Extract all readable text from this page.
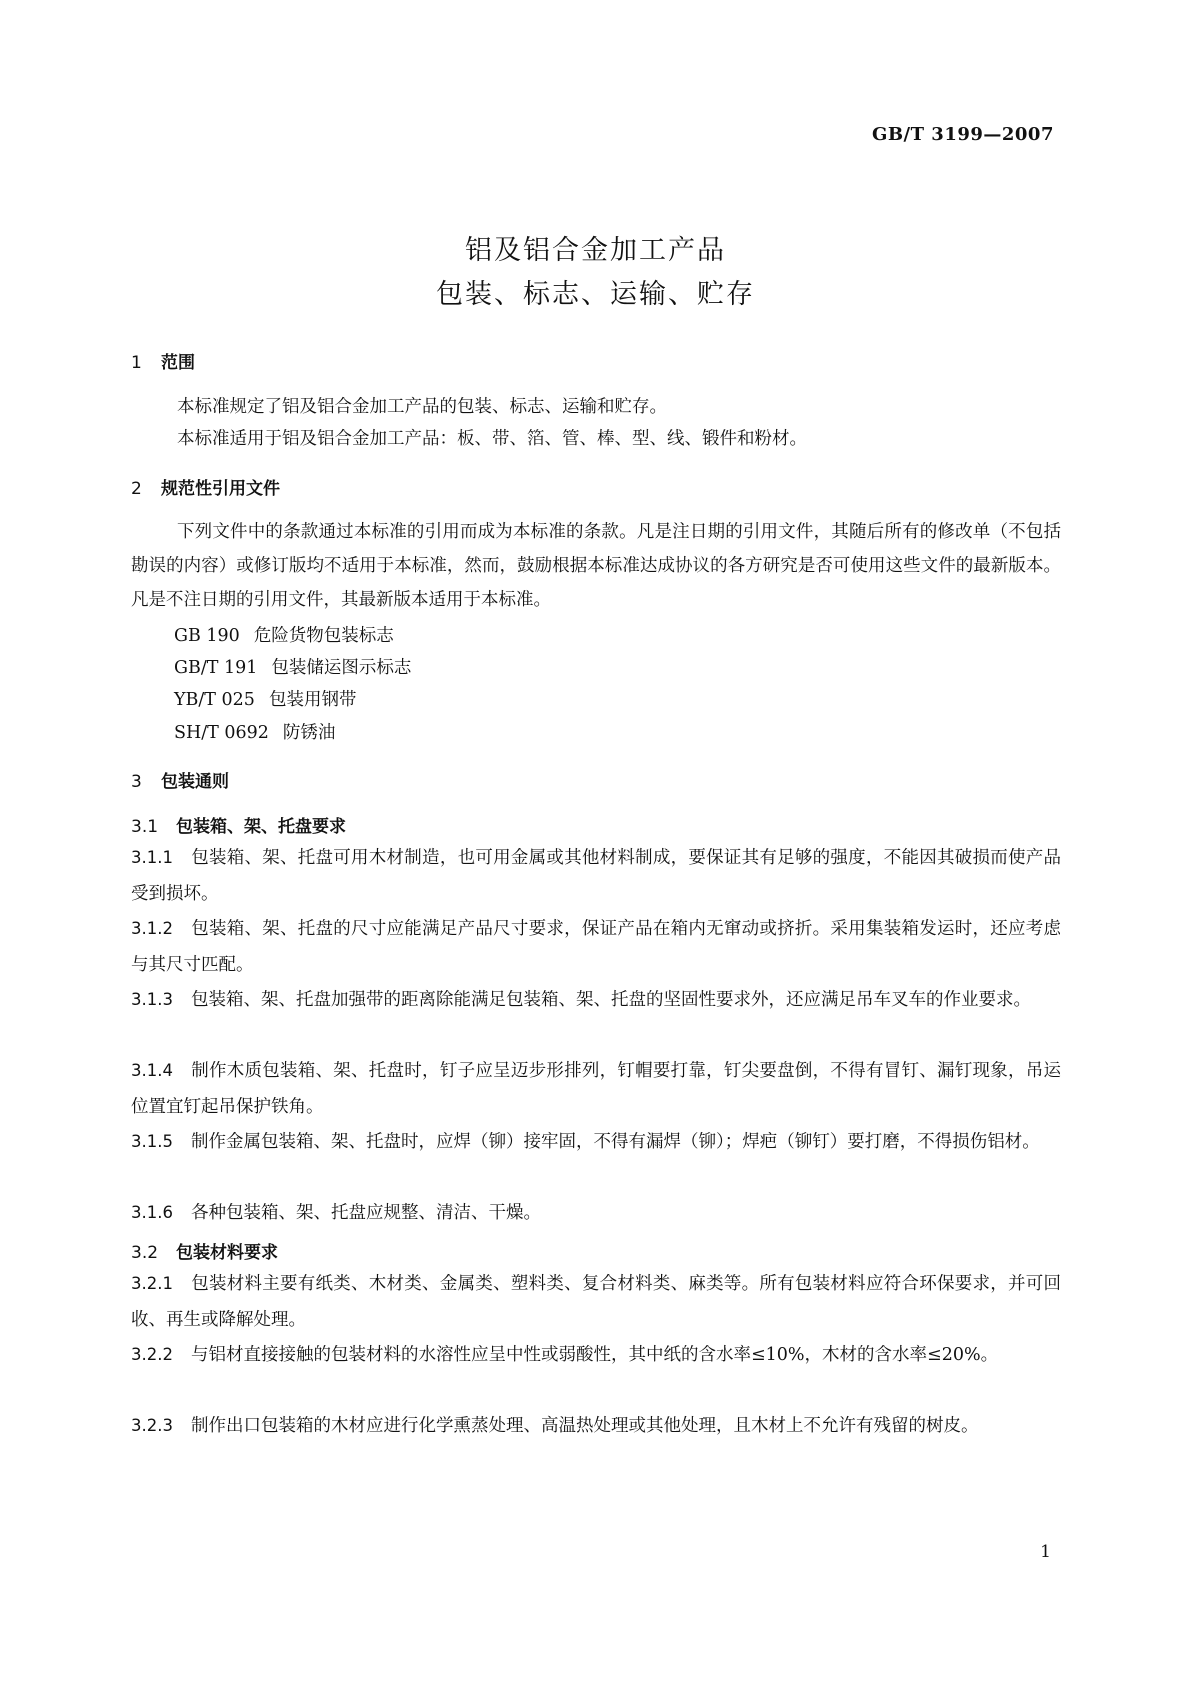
GB/T 3199—2007
铝及铝合金加工产品
包装、标志、运输、贮存
1 范围
本标准规定了铝及铝合金加工产品的包装、标志、运输和贮存。
本标准适用于铝及铝合金加工产品：板、带、箔、管、棒、型、线、锻件和粉材。
2 规范性引用文件
下列文件中的条款通过本标准的引用而成为本标准的条款。凡是注日期的引用文件，其随后所有的修改单（不包括勘误的内容）或修订版均不适用于本标准，然而，鼓励根据本标准达成协议的各方研究是否可使用这些文件的最新版本。凡是不注日期的引用文件，其最新版本适用于本标准。
GB 190 危险货物包装标志
GB/T 191 包装储运图示标志
YB/T 025 包装用钢带
SH/T 0692 防锈油
3 包装通则
3.1 包装箱、架、托盘要求
3.1.1 包装箱、架、托盘可用木材制造，也可用金属或其他材料制成，要保证其有足够的强度，不能因其破损而使产品受到损坏。
3.1.2 包装箱、架、托盘的尺寸应能满足产品尺寸要求，保证产品在箱内无窜动或挤折。采用集装箱发运时，还应考虑与其尺寸匹配。
3.1.3 包装箱、架、托盘加强带的距离除能满足包装箱、架、托盘的坚固性要求外，还应满足吊车叉车的作业要求。
3.1.4 制作木质包装箱、架、托盘时，钉子应呈迈步形排列，钉帽要打靠，钉尖要盘倒，不得有冒钉、漏钉现象，吊运位置宜钉起吊保护铁角。
3.1.5 制作金属包装箱、架、托盘时，应焊（铆）接牢固，不得有漏焊（铆）；焊疤（铆钉）要打磨，不得损伤铝材。
3.1.6 各种包装箱、架、托盘应规整、清洁、干燥。
3.2 包装材料要求
3.2.1 包装材料主要有纸类、木材类、金属类、塑料类、复合材料类、麻类等。所有包装材料应符合环保要求，并可回收、再生或降解处理。
3.2.2 与铝材直接接触的包装材料的水溶性应呈中性或弱酸性，其中纸的含水率≤10%，木材的含水率≤20%。
3.2.3 制作出口包装箱的木材应进行化学熏蒸处理、高温热处理或其他处理，且木材上不允许有残留的树皮。
1
